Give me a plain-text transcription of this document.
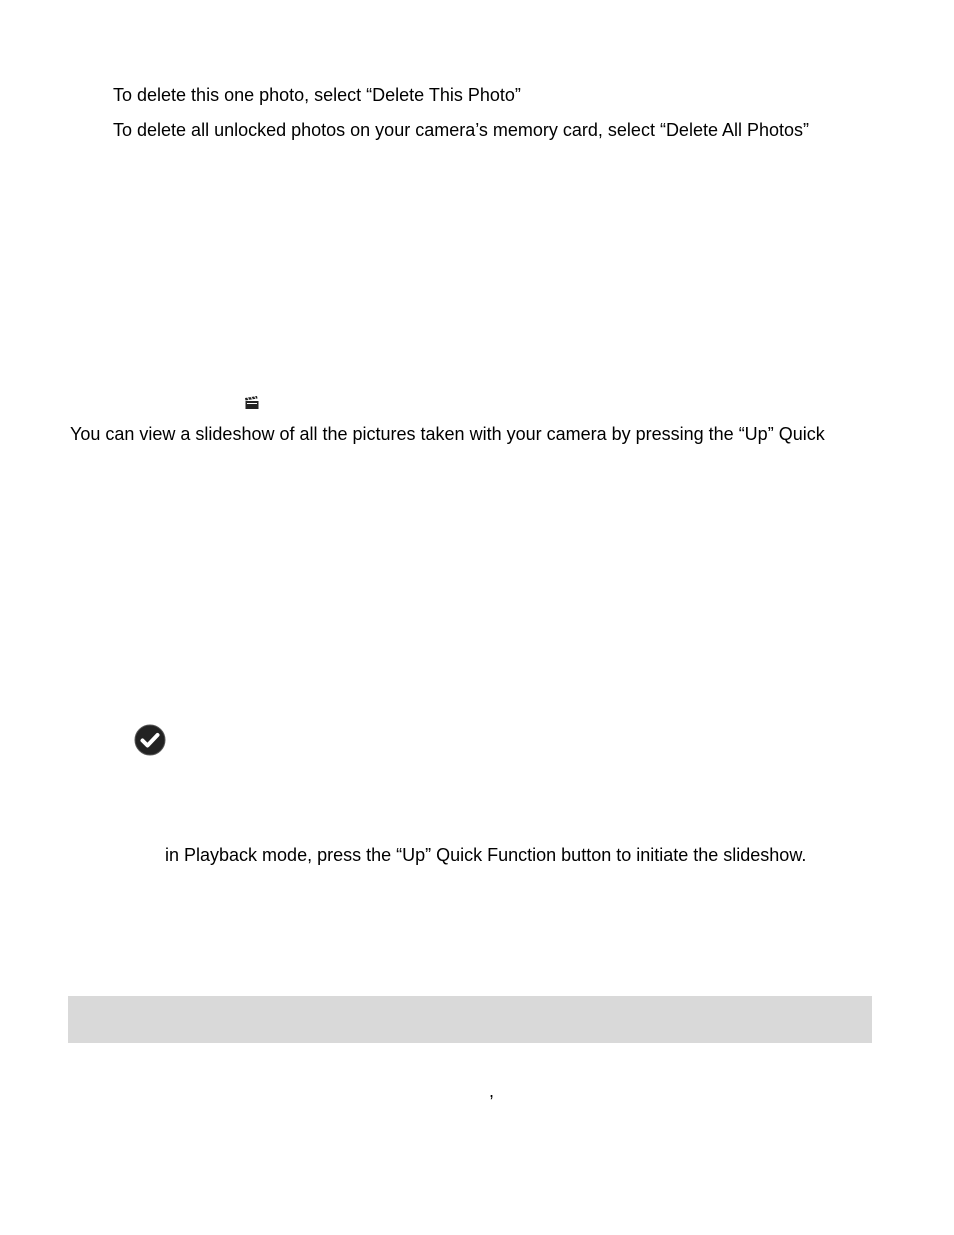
To delete this one photo, select “Delete This Photo”
To delete all unlocked photos on your camera’s memory card, select “Delete All Photos”
You can view a slideshow of all the pictures taken with your camera by pressing the “Up” Quick
in Playback mode, press the “Up” Quick Function button to initiate the slideshow.
,
